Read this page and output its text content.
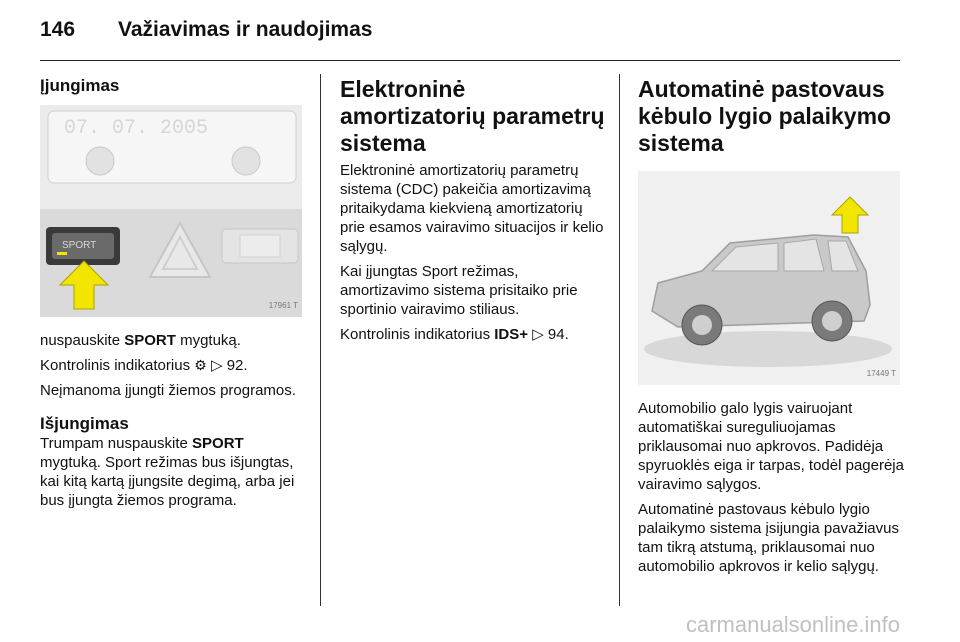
146 Važiavimas ir naudojimas
Įjungimas
07. 07. 2005
SPORT
17961 T

nuspauskite SPORT mygtuką.

Kontrolinis indikatorius ⚙ ▷ 92.

Neįmanoma įjungti žiemos programos.

Išjungimas

Trumpam nuspauskite SPORT mygtuką. Sport režimas bus išjungtas, kai kitą kartą įjungsite degimą, arba jei bus įjungta žiemos programa.

Elektroninė amortizatorių parametrų sistema

Elektroninė amortizatorių parametrų sistema (CDC) pakeičia amortizavimą pritaikydama kiekvieną amortizatorių prie esamos vairavimo situacijos ir kelio sąlygų.

Kai įjungtas Sport režimas, amortizavimo sistema prisitaiko prie sportinio vairavimo stiliaus.

Kontrolinis indikatorius IDS+ ▷ 94.

Automatinė pastovaus kėbulo lygio palaikymo sistema
17449 T

Automobilio galo lygis vairuojant automatiškai sureguliuojamas priklausomai nuo apkrovos. Padidėja spyruoklės eiga ir tarpas, todėl pagerėja vairavimo sąlygos.

Automatinė pastovaus kėbulo lygio palaikymo sistema įsijungia pavažiavus tam tikrą atstumą, priklausomai nuo automobilio apkrovos ir kelio sąlygų.

carmanualsonline.info
